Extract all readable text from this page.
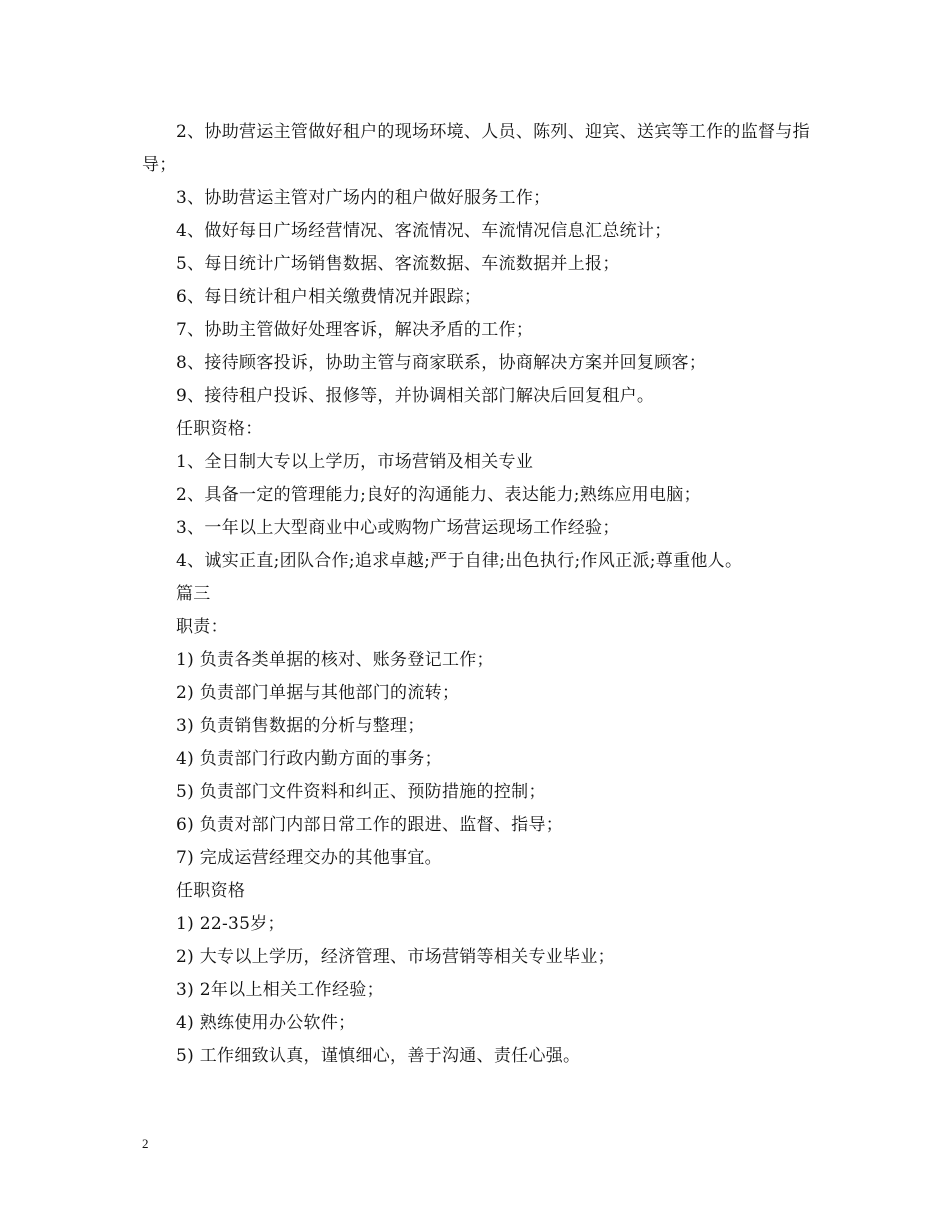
2、协助营运主管做好租户的现场环境、人员、陈列、迎宾、送宾等工作的监督与指导；

3、协助营运主管对广场内的租户做好服务工作；

4、做好每日广场经营情况、客流情况、车流情况信息汇总统计；

5、每日统计广场销售数据、客流数据、车流数据并上报；

6、每日统计租户相关缴费情况并跟踪；

7、协助主管做好处理客诉，解决矛盾的工作；

8、接待顾客投诉，协助主管与商家联系，协商解决方案并回复顾客；

9、接待租户投诉、报修等，并协调相关部门解决后回复租户。

任职资格：

1、全日制大专以上学历，市场营销及相关专业

2、具备一定的管理能力;良好的沟通能力、表达能力;熟练应用电脑；

3、一年以上大型商业中心或购物广场营运现场工作经验；

4、诚实正直;团队合作;追求卓越;严于自律;出色执行;作风正派;尊重他人。

篇三

职责：

1) 负责各类单据的核对、账务登记工作；

2) 负责部门单据与其他部门的流转；

3) 负责销售数据的分析与整理；

4) 负责部门行政内勤方面的事务；

5) 负责部门文件资料和纠正、预防措施的控制；

6) 负责对部门内部日常工作的跟进、监督、指导；

7) 完成运营经理交办的其他事宜。

任职资格

1) 22-35岁；

2) 大专以上学历，经济管理、市场营销等相关专业毕业；

3) 2年以上相关工作经验；

4) 熟练使用办公软件；

5) 工作细致认真，谨慎细心，善于沟通、责任心强。

2
